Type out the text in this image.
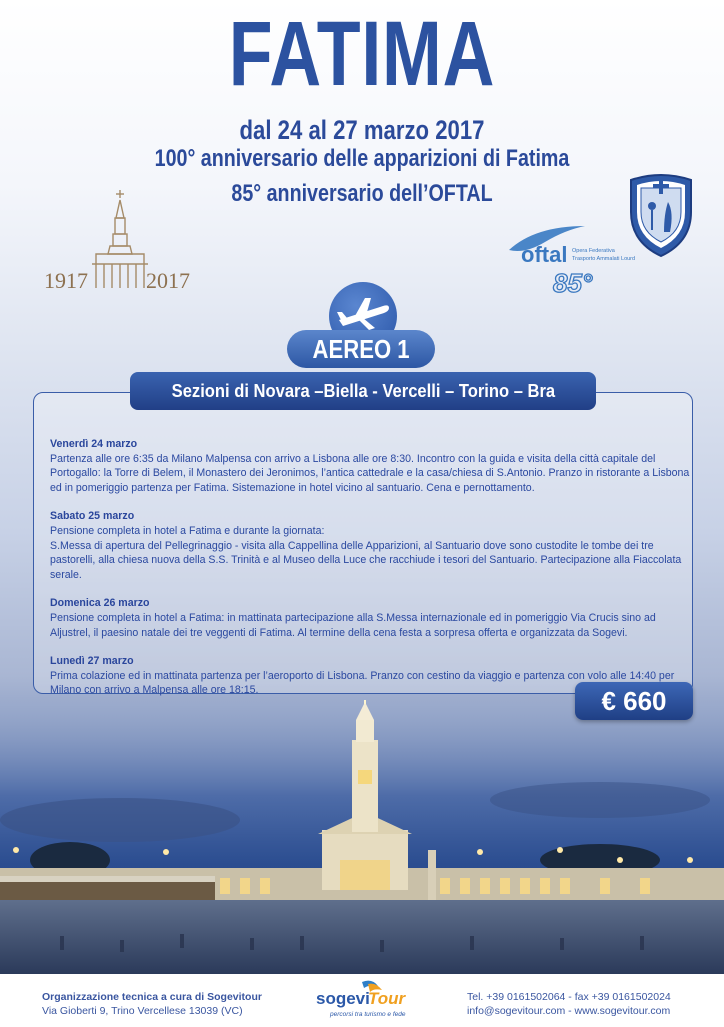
FATIMA
dal 24 al 27 marzo 2017
100° anniversario delle apparizioni di Fatima
85° anniversario dell’OFTAL
1917	2017
oftal Opera Federativa
Trasporto Ammalati Lourdes
85°
AEREO 1
Sezioni di Novara –Biella - Vercelli – Torino – Bra
Venerdì 24 marzo

Partenza alle ore 6:35 da Milano Malpensa con arrivo a Lisbona alle ore 8:30. Incontro con la guida e visita della città capitale del Portogallo: la Torre di Belem, il Monastero dei Jeronimos, l’antica cattedrale e la casa/chiesa di S.Antonio. Pranzo in ristorante a Lisbona ed in pomeriggio partenza per Fatima. Sistemazione in hotel vicino al santuario. Cena e pernottamento.

Sabato 25 marzo

Pensione completa in hotel a Fatima e durante la giornata:
S.Messa di apertura del Pellegrinaggio - visita alla Cappellina delle Apparizioni, al Santuario dove sono custodite le tombe dei tre pastorelli, alla chiesa nuova della S.S. Trinità e al Museo della Luce che racchiude i tesori del Santuario. Partecipazione alla Fiaccolata serale.

Domenica 26 marzo

Pensione completa in hotel a Fatima: in mattinata partecipazione alla S.Messa internazionale ed in pomeriggio Via Crucis sino ad Aljustrel, il paesino natale dei tre veggenti di Fatima. Al termine della cena festa a sorpresa offerta e organizzata da Sogevi.

Lunedì 27 marzo

Prima colazione ed in mattinata partenza per l’aeroporto di Lisbona. Pranzo con cestino da viaggio e partenza con volo alle 14:40 per Milano con arrivo a Malpensa alle ore 18:15.	€ 660
Organizzazione tecnica a cura di Sogevitour
Via Gioberti 9, Trino Vercellese 13039 (VC)
sogevi
Tour
percorsi tra turismo e fede
Tel. +39 0161502064 - fax +39 0161502024
info@sogevitour.com - www.sogevitour.com
